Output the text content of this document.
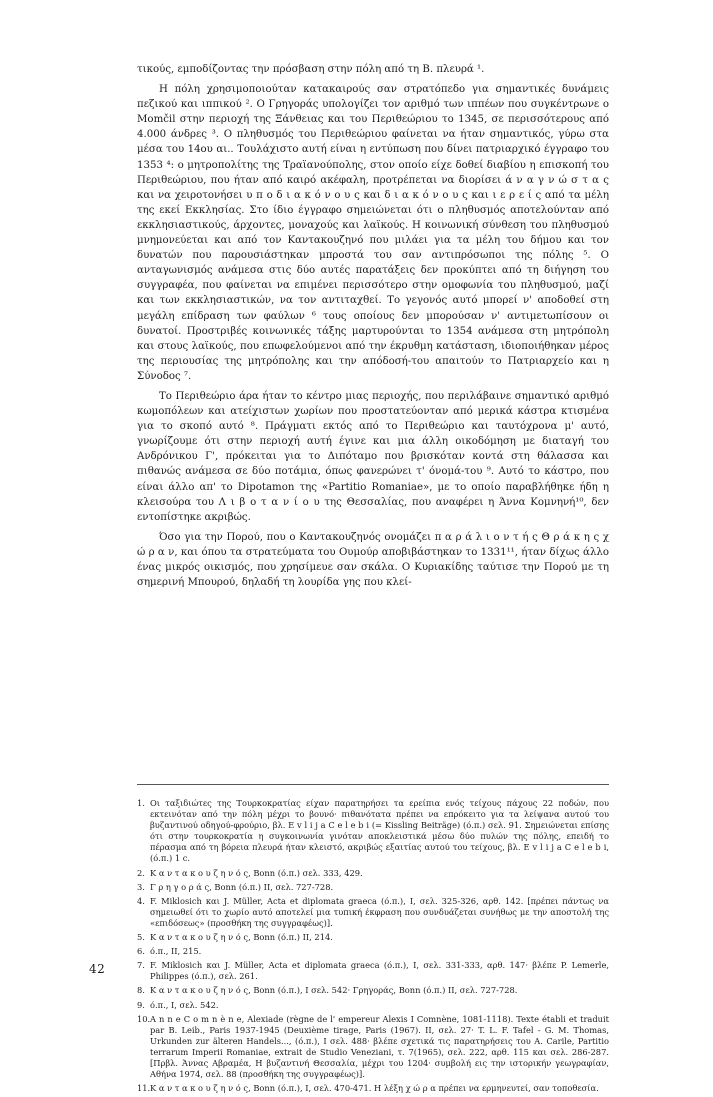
τικούς, εμποδίζοντας την πρόσβαση στην πόλη από τη Β. πλευρά ¹.

Η πόλη χρησιμοποιούταν κατακαιρούς σαν στρατόπεδο για σημαντικές δυνάμεις πεζικού και ιππικού ². Ο Γρηγοράς υπολογίζει τον αριθμό των ιππέων που συγκέντρωνε ο Momčil στην περιοχή της Ξάνθειας και του Περιθεώριου το 1345, σε περισσότερους από 4.000 άνδρες ³. Ο πληθυσμός του Περιθεώριου φαίνεται να ήταν σημαντικός, γύρω στα μέσα του 14ου αι.. Τουλάχιστο αυτή είναι η εντύπωση που δίνει πατριαρχικό έγγραφο του 1353 ⁴: ο μητροπολίτης της Τραϊανούπολης, στον οποίο είχε δοθεί διαβίου η επισκοπή του Περιθεώριου, που ήταν από καιρό ακέφαλη, προτρέπεται να διορίσει ά ν α γ ν ώ σ τ α ς και να χειροτονήσει υ π ο δ ι α κ ό ν ο υ ς και δ ι α κ ό ν ο υ ς και ι ε ρ ε ί ς από τα μέλη της εκεί Εκκλησίας. Στο ίδιο έγγραφο σημειώνεται ότι ο πληθυσμός αποτελούνταν από εκκλησιαστικούς, άρχοντες, μοναχούς και λαϊκούς. Η κοινωνική σύνθεση του πληθυσμού μνημονεύεται και από τον Καντακουζηνό που μιλάει για τα μέλη του δήμου και τον δυνατών που παρουσιάστηκαν μπροστά του σαν αντιπρόσωποι της πόλης ⁵. Ο ανταγωνισμός ανάμεσα στις δύο αυτές παρατάξεις δεν προκύπτει από τη διήγηση του συγγραφέα, που φαίνεται να επιμένει περισσότερο στην ομοφωνία του πληθυσμού, μαζί και των εκκλησιαστικών, να τον αντιταχθεί. Το γεγονός αυτό μπορεί ν' αποδοθεί στη μεγάλη επίδραση των φαύλων ⁶ τους οποίους δεν μπορούσαν ν' αντιμετωπίσουν οι δυνατοί. Προστριβές κοινωνικές τάξης μαρτυρούνται το 1354 ανάμεσα στη μητρόπολη και στους λαϊκούς, που επωφελούμενοι από την έκρυθμη κατάσταση, ιδιοποιήθηκαν μέρος της περιουσίας της μητρόπολης και την απόδοσή-του απαιτούν το Πατριαρχείο και η Σύνοδος ⁷.

Το Περιθεώριο άρα ήταν το κέντρο μιας περιοχής, που περιλάβαινε σημαντικό αριθμό κωμοπόλεων και ατείχιστων χωρίων που προστατεύονταν από μερικά κάστρα κτισμένα για το σκοπό αυτό ⁸. Πράγματι εκτός από το Περιθεώριο και ταυτόχρονα μ' αυτό, γνωρίζουμε ότι στην περιοχή αυτή έγινε και μια άλλη οικοδόμηση με διαταγή του Ανδρόνικου Γ', πρόκειται για το Διπόταμο που βρισκόταν κοντά στη θάλασσα και πιθανώς ανάμεσα σε δύο ποτάμια, όπως φανερώνει τ' όνομά-του ⁹. Αυτό το κάστρο, που είναι άλλο απ' το Dipotamon της «Partitio Romaniae», με το οποίο παραβλήθηκε ήδη η κλεισούρα του Λ ι β ο τ α ν ί ο υ της Θεσσαλίας, που αναφέρει η Άννα Κομνηνή¹⁰, δεν εντοπίστηκε ακριβώς.

Όσο για την Πορού, που ο Καντακουζηνός ονομάζει π α ρ ά λ ι ο ν τ ή ς Θ ρ ά κ η ς χ ώ ρ α ν, και όπου τα στρατεύματα του Ουμούρ αποβιβάστηκαν το 1331¹¹, ήταν δίχως άλλο ένας μικρός οικισμός, που χρησίμευε σαν σκάλα. Ο Κυριακίδης ταύτισε την Πορού με τη σημερινή Μπουρού, δηλαδή τη λουρίδα γης που κλεί-

1. Οι ταξιδιώτες της Τουρκοκρατίας είχαν παρατηρήσει τα ερείπια ενός τείχους πάχους 22 ποδών, που εκτεινόταν από την πόλη μέχρι το βουνό· πιθανότατα πρέπει να επρόκειτο για τα λείψανα αυτού του βυζαντινού οδηγού-φρούριο, βλ. E v l i j a C e l e b i (= Kissling Beiträge) (ό.π.) σελ. 91. Σημειώνεται επίσης ότι στην τουρκοκρατία η συγκοινωνία γινόταν αποκλειστικά μέσω δύο πυλών της πόλης, επειδή το πέρασμα από τη βόρεια πλευρά ήταν κλειστό, ακριβώς εξαιτίας αυτού του τείχους, βλ. E v l i j a C e l e b i, (ό.π.) 1 c.
2. Κ α ν τ α κ ο υ ζ η ν ό ς, Bonn (ό.π.) σελ. 333, 429.
3. Γ ρ η γ ο ρ ά ς, Bonn (ό.π.) II, σελ. 727-728.
4. F. Miklosich και J. Müller, Acta et diplomata graeca (ό.π.), I, σελ. 325-326, αρθ. 142. [πρέπει πάντως να σημειωθεί ότι το χωρίο αυτό αποτελεί μια τυπική έκφραση που συνδυάζεται συνήθως με την αποστολή της «επιδόσεως» (προσθήκη της συγγραφέως)].
5. Κ α ν τ α κ ο υ ζ η ν ό ς, Bonn (ό.π.) II, 214.
6. ό.π., II, 215.
7. F. Miklosich και J. Müller, Acta et diplomata graeca (ό.π.), I, σελ. 331-333, αρθ. 147· βλέπε P. Lemerle, Philippes (ό.π.), σελ. 261.
8. Κ α ν τ α κ ο υ ζ η ν ό ς, Bonn (ό.π.), I σελ. 542· Γρηγοράς, Bonn (ό.π.) II, σελ. 727-728.
9. ό.π., I, σελ. 542.
10. A n n e C o m n è n e, Alexiade (règne de l' empereur Alexis I Comnène, 1081-1118). Texte établi et traduit par B. Leib., Paris 1937-1945 (Deuxième tirage, Paris (1967). II, σελ. 27· T. L. F. Tafel - G. M. Thomas, Urkunden zur älteren Handels..., (ό.π.), I σελ. 488· βλέπε σχετικά τις παρατηρήσεις του A. Carile, Partitio terrarum Imperii Romaniae, extrait de Studio Veneziani, τ. 7(1965), σελ. 222, αρθ. 115 και σελ. 286-287. [Πρβλ. Άννας Αβραμέα, Η βυζαντινή Θεσσαλία, μέχρι του 1204· συμβολή εις την ιστορικήν γεωγραφίαν, Αθήνα 1974, σελ. 88 (προσθήκη της συγγραφέως)].
11. Κ α ν τ α κ ο υ ζ η ν ό ς, Bonn (ό.π.), I, σελ. 470-471. Η λέξη χ ώ ρ α πρέπει να ερμηνευτεί, σαν τοποθεσία.
42
